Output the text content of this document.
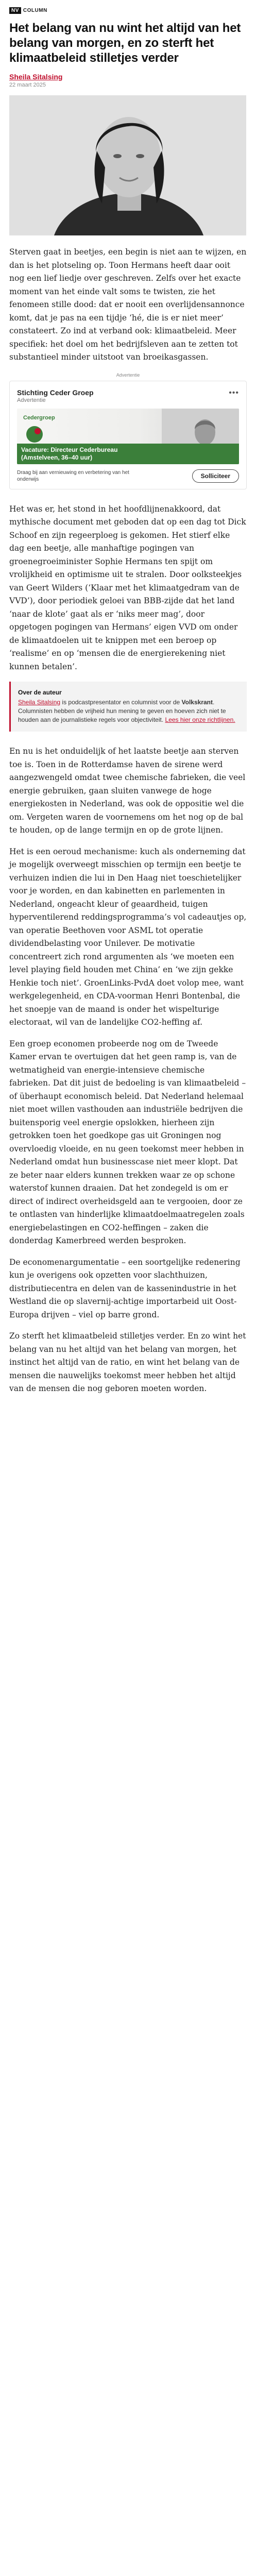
NV COLUMN
Het belang van nu wint het altijd van het belang van morgen, en zo sterft het klimaatbeleid stilletjes verder
Sheila Sitalsing
22 maart 2025

Sterven gaat in beetjes, een begin is niet aan te wijzen, en dan is het plotseling op. Toon Hermans heeft daar ooit nog een lief liedje over geschreven. Zelfs over het exacte moment van het einde valt soms te twisten, zie het fenomeen stille dood: dat er nooit een overlijdensannonce komt, dat je pas na een tijdje ‘hé, die is er niet meer’ constateert. Zo ind at verband ook: klimaatbeleid. Meer specifiek: het doel om het bedrijfsleven aan te zetten tot substantieel minder uitstoot van broeikasgassen.

Advertentie
Stichting Ceder Groep
Advertentie
•••
Cedergroep
Vacature: Directeur Cederbureau
(Amstelveen, 36–40 uur)
Draag bij aan vernieuwing en verbetering van het onderwijs	Solliciteer

Het was er, het stond in het hoofdlijnenakkoord, dat mythische document met geboden dat op een dag tot Dick Schoof en zijn regeerploeg is gekomen. Het stierf elke dag een beetje, alle manhaftige pogingen van groenegroeiminister Sophie Hermans ten spijt om vrolijkheid en optimisme uit te stralen. Door oolksteekjes van Geert Wilders (‘Klaar met het klimaatgedram van de VVD’), door periodiek geloei van BBB-zijde dat het land ‘naar de klote’ gaat als er ‘niks meer mag’, door opgetogen pogingen van Hermans’ eigen VVD om onder de klimaatdoelen uit te knippen met een beroep op ‘realisme’ en op ‘mensen die de energierekening niet kunnen betalen’.

Over de auteur

Sheila Sitalsing is podcastpresentator en columnist voor de Volkskrant. Columnisten hebben de vrijheid hun mening te geven en hoeven zich niet te houden aan de journalistieke regels voor objectiviteit. Lees hier onze richtlijnen.

En nu is het onduidelijk of het laatste beetje aan sterven toe is. Toen in de Rotterdamse haven de sirene werd aangezwengeld omdat twee chemische fabrieken, die veel energie gebruiken, gaan sluiten vanwege de hoge energiekosten in Nederland, was ook de oppositie wel die om. Vergeten waren de voornemens om het nog op de bal te houden, op de lange termijn en op de grote lijnen.

Het is een oeroud mechanisme: kuch als onderneming dat je mogelijk overweegt misschien op termijn een beetje te verhuizen indien die lui in Den Haag niet toeschietelijker voor je worden, en dan kabinetten en parlementen in Nederland, ongeacht kleur of geaardheid, tuigen hyperventilerend reddingsprogramma’s vol cadeautjes op, van operatie Beethoven voor ASML tot operatie dividendbelasting voor Unilever. De motivatie concentreert zich rond argumenten als ‘we moeten een level playing field houden met China’ en ‘we zijn gekke Henkie toch niet’. GroenLinks-PvdA doet volop mee, want werkgelegenheid, en CDA-voorman Henri Bontenbal, die het snoepje van de maand is onder het wispelturige electoraat, wil van de landelijke CO2-heffing af.

Een groep economen probeerde nog om de Tweede Kamer ervan te overtuigen dat het geen ramp is, van de wetmatigheid van energie-intensieve chemische fabrieken. Dat dit juist de bedoeling is van klimaatbeleid – of überhaupt economisch beleid. Dat Nederland helemaal niet moet willen vasthouden aan industriële bedrijven die buitensporig veel energie opslokken, hierheen zijn getrokken toen het goedkope gas uit Groningen nog overvloedig vloeide, en nu geen toekomst meer hebben in Nederland omdat hun businesscase niet meer klopt. Dat ze beter naar elders kunnen trekken waar ze op schone waterstof kunnen draaien. Dat het zondegeld is om er direct of indirect overheidsgeld aan te vergooien, door ze te ontlasten van hinderlijke klimaatdoelmaatregelen zoals energiebelastingen en CO2-heffingen – zaken die donderdag Kamerbreed werden besproken.

De economenargumentatie – een soortgelijke redenering kun je overigens ook opzetten voor slachthuizen, distributiecentra en delen van de kassenindustrie in het Westland die op slavernij-achtige importarbeid uit Oost-Europa drijven – viel op barre grond.

Zo sterft het klimaatbeleid stilletjes verder. En zo wint het belang van nu het altijd van het belang van morgen, het instinct het altijd van de ratio, en wint het belang van de mensen die nauwelijks toekomst meer hebben het altijd van de mensen die nog geboren moeten worden.
